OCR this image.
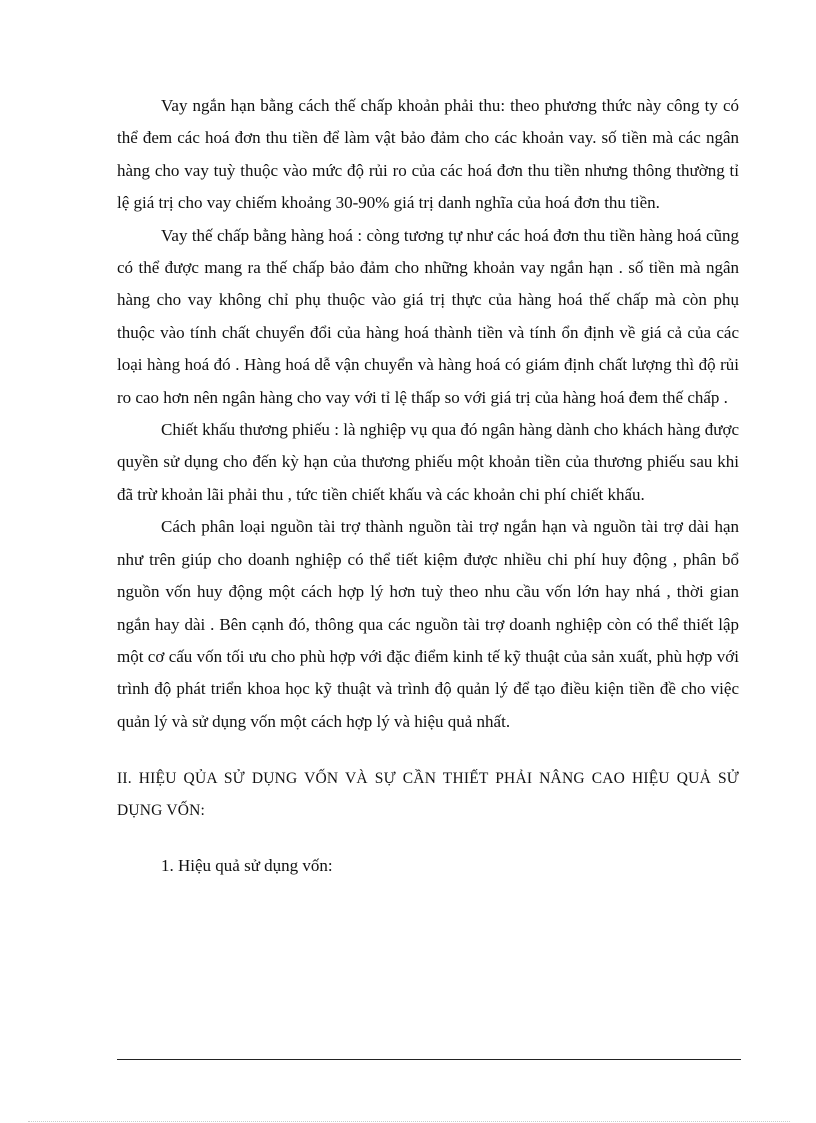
Vay ngắn hạn bằng cách thế chấp khoản phải thu: theo phương thức này công ty có thể đem các hoá đơn thu tiền để làm vật bảo đảm cho các khoản vay. số tiền mà các ngân hàng cho vay tuỳ thuộc vào mức độ rủi ro của các hoá đơn thu tiền nhưng thông thường tỉ lệ giá trị cho vay chiếm khoảng 30-90% giá trị danh nghĩa của hoá đơn thu tiền.

Vay thế chấp bằng hàng hoá : còng tương tự như các hoá đơn thu tiền hàng hoá cũng có thể được mang ra thế chấp bảo đảm cho những khoản vay ngắn hạn . số tiền mà ngân hàng cho vay không chỉ phụ thuộc vào giá trị thực của hàng hoá thế chấp mà còn phụ thuộc vào tính chất chuyển đổi của hàng hoá thành tiền và tính ổn định về giá cả của các loại hàng hoá đó . Hàng hoá dễ vận chuyển và hàng hoá có giám định chất lượng thì độ rủi ro cao hơn nên ngân hàng cho vay với tỉ lệ thấp so với giá trị của hàng hoá đem thế chấp .

Chiết khấu thương phiếu : là nghiệp vụ qua đó ngân hàng dành cho khách hàng được quyền sử dụng cho đến kỳ hạn của thương phiếu một khoản tiền của thương phiếu sau khi đã trừ khoản lãi phải thu , tức tiền chiết khấu và các khoản chi phí chiết khấu.

Cách phân loại nguồn tài trợ thành nguồn tài trợ ngắn hạn và nguồn tài trợ dài hạn như trên giúp cho doanh nghiệp có thể tiết kiệm được nhiều chi phí huy động , phân bổ nguồn vốn huy động một cách hợp lý hơn tuỳ theo nhu cầu vốn lớn hay nhá , thời gian ngắn hay dài . Bên cạnh đó, thông qua các nguồn tài trợ doanh nghiệp còn có thể thiết lập một cơ cấu vốn tối ưu cho phù hợp với đặc điểm kinh tế kỹ thuật của sản xuất, phù hợp với trình độ phát triển khoa học kỹ thuật và trình độ quản lý để tạo điều kiện tiền đề cho việc quản lý và sử dụng vốn một cách hợp lý và hiệu quả nhất.

II. HIỆU QỦA SỬ DỤNG VỐN VÀ SỰ CẦN THIẾT PHẢI NÂNG CAO HIỆU QUẢ SỬ DỤNG VỐN:

1. Hiệu quả sử dụng vốn:
